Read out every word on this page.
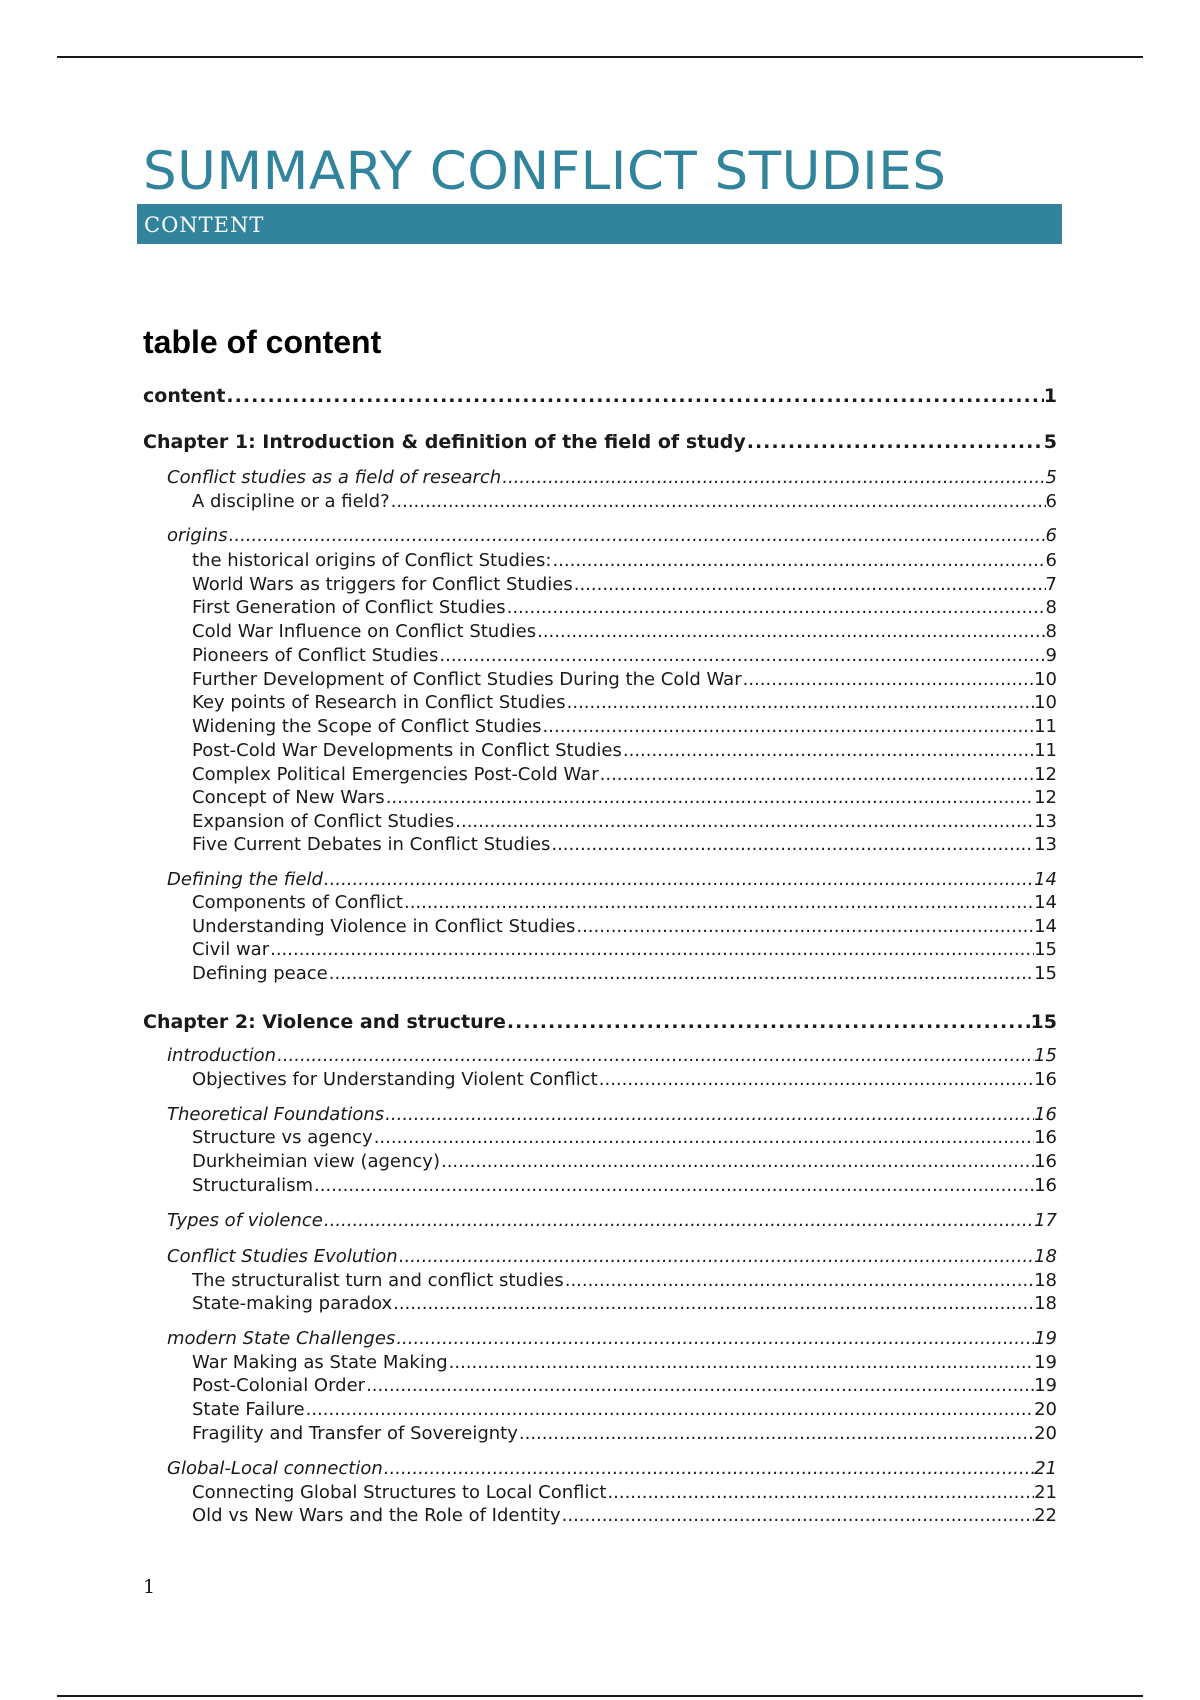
SUMMARY CONFLICT STUDIES
CONTENT
table of content
content .....	1
Chapter 1: Introduction & definition of the field of study .....	5
Conflict studies as a field of research .....	5
A discipline or a field? .....	6
origins .....	6
the historical origins of Conflict Studies: .....	6
World Wars as triggers for Conflict Studies .....	7
First Generation of Conflict Studies .....	8
Cold War Influence on Conflict Studies .....	8
Pioneers of Conflict Studies .....	9
Further Development of Conflict Studies During the Cold War .....	10
Key points of Research in Conflict Studies .....	10
Widening the Scope of Conflict Studies .....	11
Post-Cold War Developments in Conflict Studies .....	11
Complex Political Emergencies Post-Cold War .....	12
Concept of New Wars .....	12
Expansion of Conflict Studies .....	13
Five Current Debates in Conflict Studies .....	13
Defining the field .....	14
Components of Conflict .....	14
Understanding Violence in Conflict Studies .....	14
Civil war .....	15
Defining peace .....	15
Chapter 2: Violence and structure .....	15
introduction .....	15
Objectives for Understanding Violent Conflict .....	16
Theoretical Foundations .....	16
Structure vs agency .....	16
Durkheimian view (agency) .....	16
Structuralism .....	16
Types of violence .....	17
Conflict Studies Evolution .....	18
The structuralist turn and conflict studies .....	18
State-making paradox .....	18
modern State Challenges .....	19
War Making as State Making .....	19
Post-Colonial Order .....	19
State Failure .....	20
Fragility and Transfer of Sovereignty .....	20
Global-Local connection .....	21
Connecting Global Structures to Local Conflict .....	21
Old vs New Wars and the Role of Identity .....	22
1
